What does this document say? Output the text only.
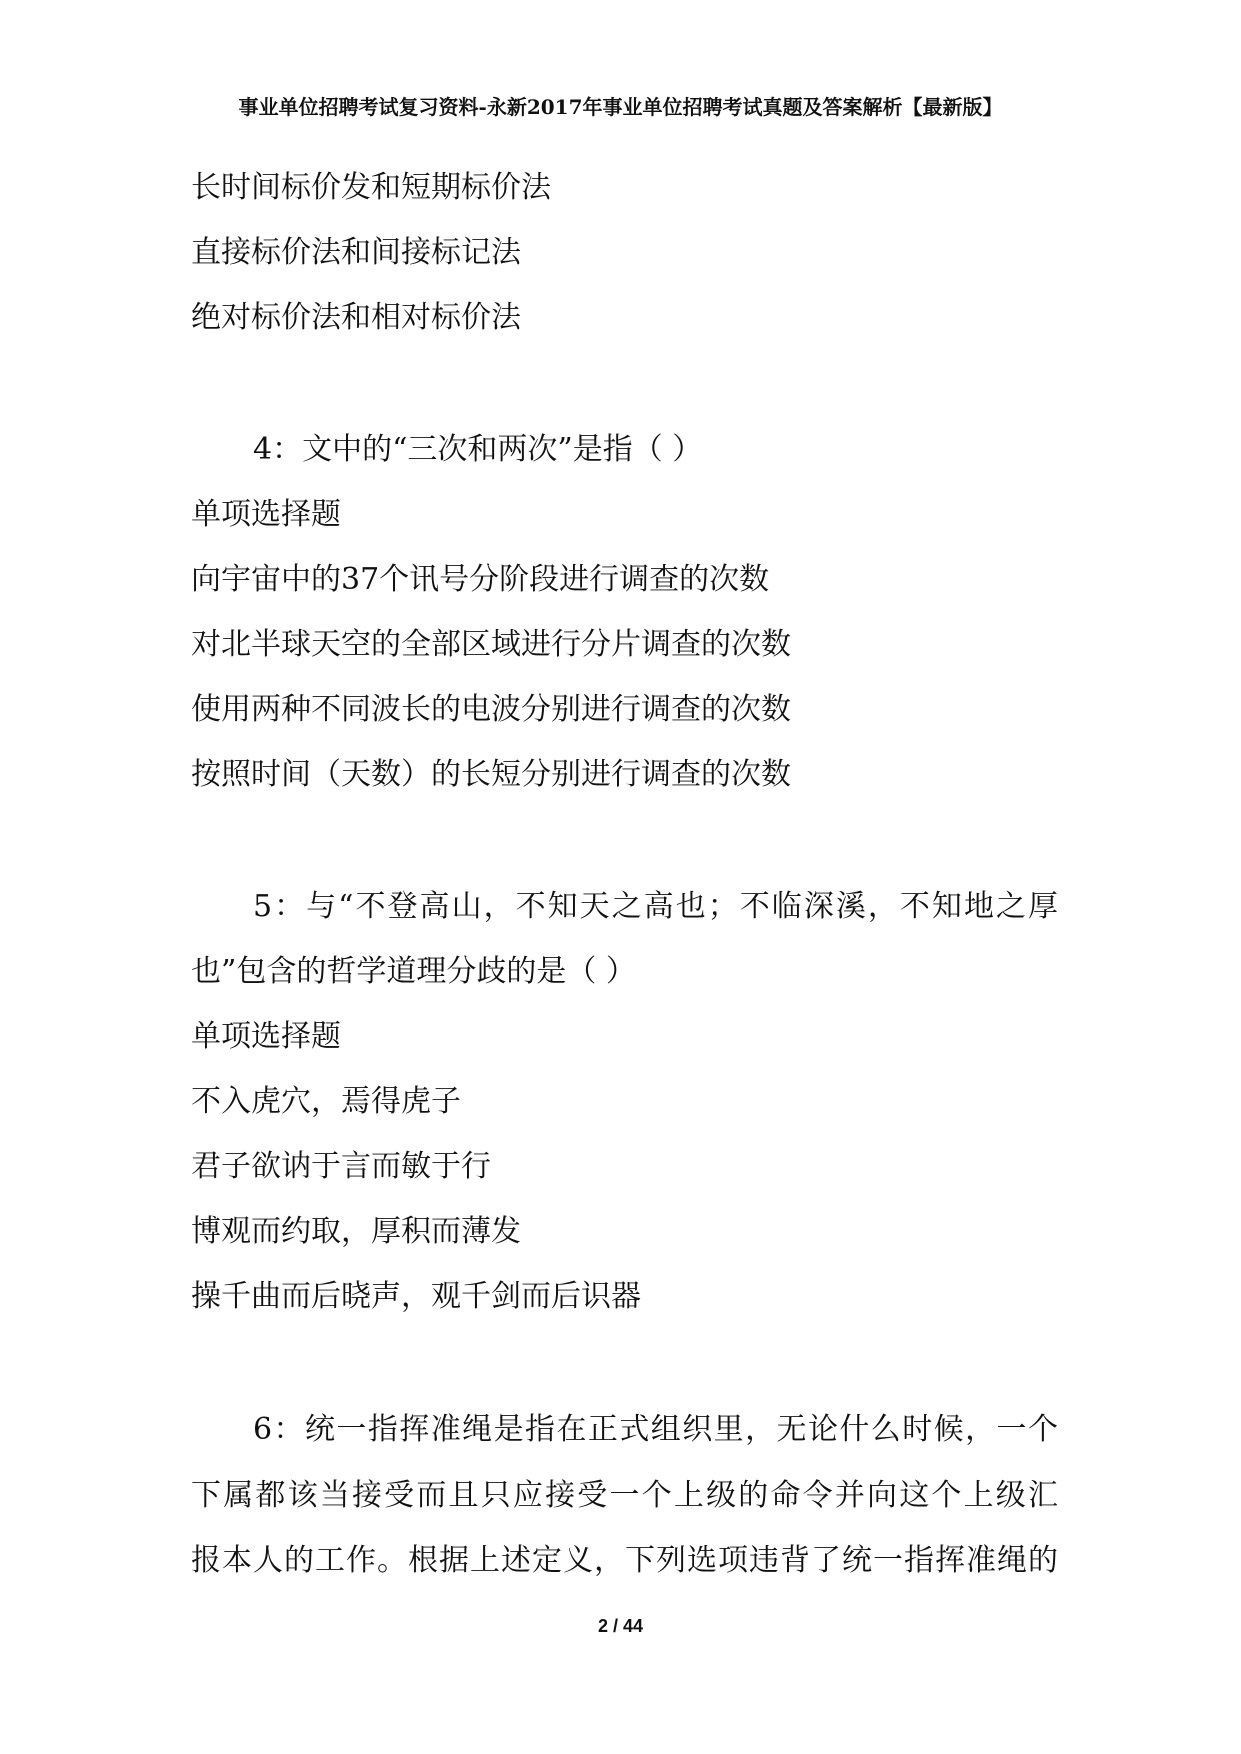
事业单位招聘考试复习资料-永新2017年事业单位招聘考试真题及答案解析【最新版】
长时间标价发和短期标价法
直接标价法和间接标记法
绝对标价法和相对标价法
4：文中的“三次和两次”是指（ ）
单项选择题
向宇宙中的37个讯号分阶段进行调查的次数
对北半球天空的全部区域进行分片调查的次数
使用两种不同波长的电波分别进行调查的次数
按照时间（天数）的长短分别进行调查的次数
5：与“不登高山，不知天之高也；不临深溪，不知地之厚
也”包含的哲学道理分歧的是（ ）
单项选择题
不入虎穴，焉得虎子
君子欲讷于言而敏于行
博观而约取，厚积而薄发
操千曲而后晓声，观千剑而后识器
6：统一指挥准绳是指在正式组织里，无论什么时候，一个
下属都该当接受而且只应接受一个上级的命令并向这个上级汇
报本人的工作。根据上述定义，下列选项违背了统一指挥准绳的
2 / 44
